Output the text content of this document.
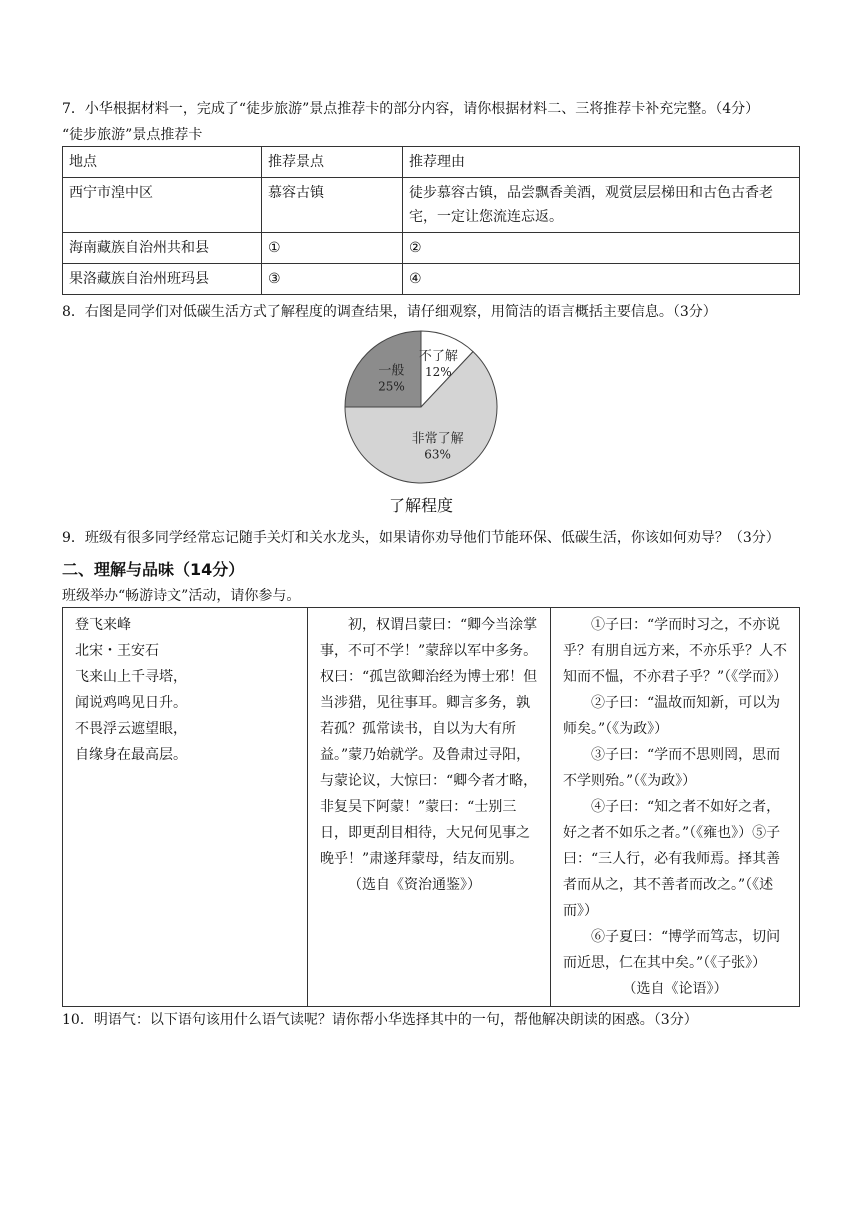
7．小华根据材料一，完成了“徒步旅游”景点推荐卡的部分内容，请你根据材料二、三将推荐卡补充完整。（4分）

“徒步旅游”景点推荐卡

地点	推荐景点	推荐理由
西宁市湟中区	慕容古镇	徒步慕容古镇，品尝飘香美酒，观赏层层梯田和古色古香老宅，一定让您流连忘返。
海南藏族自治州共和县	①	②
果洛藏族自治州班玛县	③	④

8．右图是同学们对低碳生活方式了解程度的调查结果，请仔细观察，用简洁的语言概括主要信息。（3分）

不了解
12%
非常了解
63%
一般
25%
了解程度

9．班级有很多同学经常忘记随手关灯和关水龙头，如果请你劝导他们节能环保、低碳生活，你该如何劝导？（3分）

二、理解与品味（14分）

班级举办“畅游诗文”活动，请你参与。

登飞来峰

北宋・王安石

飞来山上千寻塔，

闻说鸡鸣见日升。

不畏浮云遮望眼，

自缘身在最高层。

初，权谓吕蒙曰：“卿今当涂掌事，不可不学！”蒙辞以军中多务。权曰：“孤岂欲卿治经为博士邪！但当涉猎，见往事耳。卿言多务，孰若孤？孤常读书，自以为大有所益。”蒙乃始就学。及鲁肃过寻阳，与蒙论议，大惊曰：“卿今者才略，非复吴下阿蒙！”蒙曰：“士别三日，即更刮目相待，大兄何见事之晚乎！”肃遂拜蒙母，结友而别。

（选自《资治通鉴》）

①子曰：“学而时习之，不亦说乎？有朋自远方来，不亦乐乎？人不知而不愠，不亦君子乎？”（《学而》）

②子曰：“温故而知新，可以为师矣。”（《为政》）

③子曰：“学而不思则罔，思而不学则殆。”（《为政》）

④子曰：“知之者不如好之者，好之者不如乐之者。”（《雍也》）⑤子曰：“三人行，必有我师焉。择其善者而从之，其不善者而改之。”（《述而》）

⑥子夏曰：“博学而笃志，切问而近思，仁在其中矣。”（《子张》）

（选自《论语》）

10．明语气：以下语句该用什么语气读呢？请你帮小华选择其中的一句，帮他解决朗读的困惑。（3分）
